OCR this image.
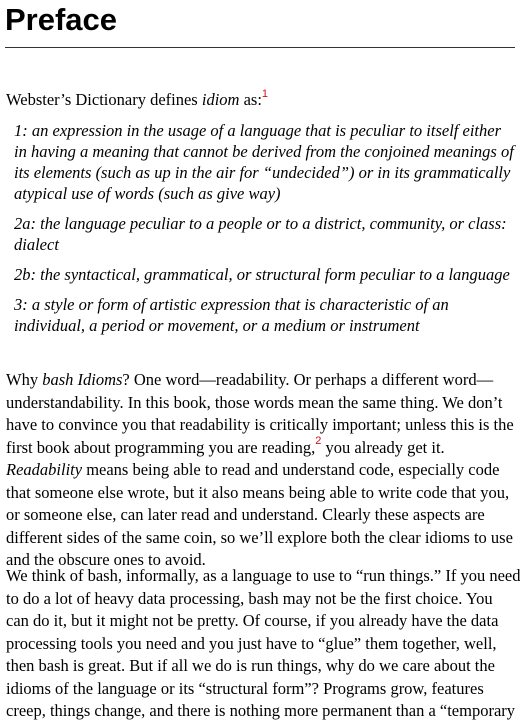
Preface

Webster’s Dictionary defines idiom as:$^1$

1: an expression in the usage of a language that is peculiar to itself either in having a meaning that cannot be derived from the conjoined meanings of its elements (such as up in the air for “undecided”) or in its grammatically atypical use of words (such as give way)

2a: the language peculiar to a people or to a district, community, or class: dialect

2b: the syntactical, grammatical, or structural form peculiar to a language

3: a style or form of artistic expression that is characteristic of an individual, a period or movement, or a medium or instrument

Why bash Idioms? One word—readability. Or perhaps a different word—
understandability. In this book, those words mean the same thing. We don’t
have to convince you that readability is critically important; unless this is the
first book about programming you are reading,$^2$ you already get it.
Readability means being able to read and understand code, especially code
that someone else wrote, but it also means being able to write code that you,
or someone else, can later read and understand. Clearly these aspects are
different sides of the same coin, so we’ll explore both the clear idioms to use
and the obscure ones to avoid.

We think of bash, informally, as a language to use to “run things.” If you need
to do a lot of heavy data processing, bash may not be the first choice. You
can do it, but it might not be pretty. Of course, if you already have the data
processing tools you need and you just have to “glue” them together, well,
then bash is great. But if all we do is run things, why do we care about the
idioms of the language or its “structural form”? Programs grow, features
creep, things change, and there is nothing more permanent than a “temporary
